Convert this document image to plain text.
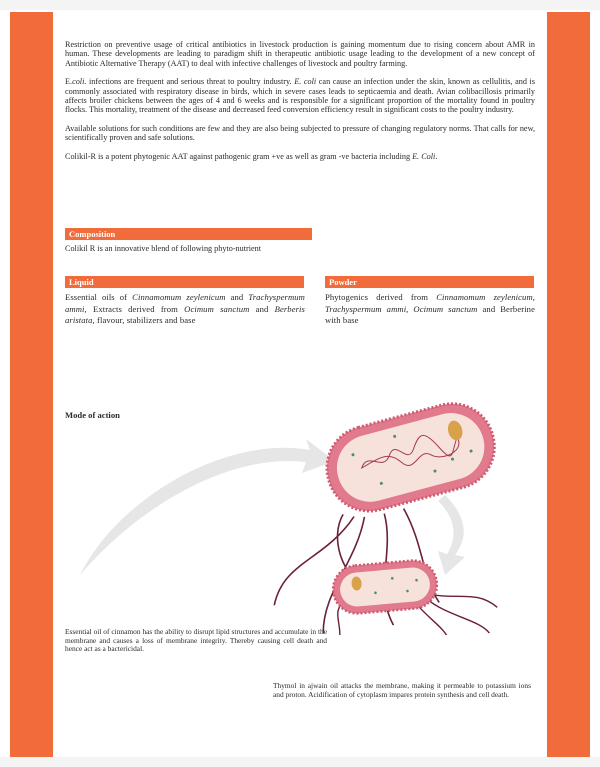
Restriction on preventive usage of critical antibiotics in livestock production is gaining momentum due to rising concern about AMR in human. These developments are leading to paradigm shift in therapeutic antibiotic usage leading to the development of a new concept of Antibiotic Alternative Therapy (AAT) to deal with infective challenges of livestock and poultry farming.

E.coli. infections are frequent and serious threat to poultry industry. E. coli can cause an infection under the skin, known as cellulitis, and is commonly associated with respiratory disease in birds, which in severe cases leads to septicaemia and death. Avian colibacillosis primarily affects broiler chickens between the ages of 4 and 6 weeks and is responsible for a significant proportion of the mortality found in poultry flocks. This mortality, treatment of the disease and decreased feed conversion efficiency result in significant costs to the poultry industry.

Available solutions for such conditions are few and they are also being subjected to pressure of changing regulatory norms. That calls for new, scientifically proven and safe solutions.

Colikil-R is a potent phytogenic AAT against pathogenic gram +ve as well as gram -ve bacteria including E. Coli.

Composition
Colikil R is an innovative blend of following phyto-nutrient
Liquid
Essential oils of Cinnamomum zeylenicum and Trachyspermum ammi, Extracts derived from Ocimum sanctum and Berberis aristata, flavour, stabilizers and base
Powder
Phytogenics derived from Cinnamomum zeylenicum, Trachyspermum ammi, Ocimum sanctum and Berberine with base
Mode of action
Essential oil of cinnamon has the ability to disrupt lipid structures and accumulate in the membrane and causes a loss of membrane integrity. Thereby causing cell death and hence act as a bactericidal.
Thymol in ajwain oil attacks the membrane, making it permeable to potassium ions and proton. Acidification of cytoplasm impares protein synthesis and cell death.
